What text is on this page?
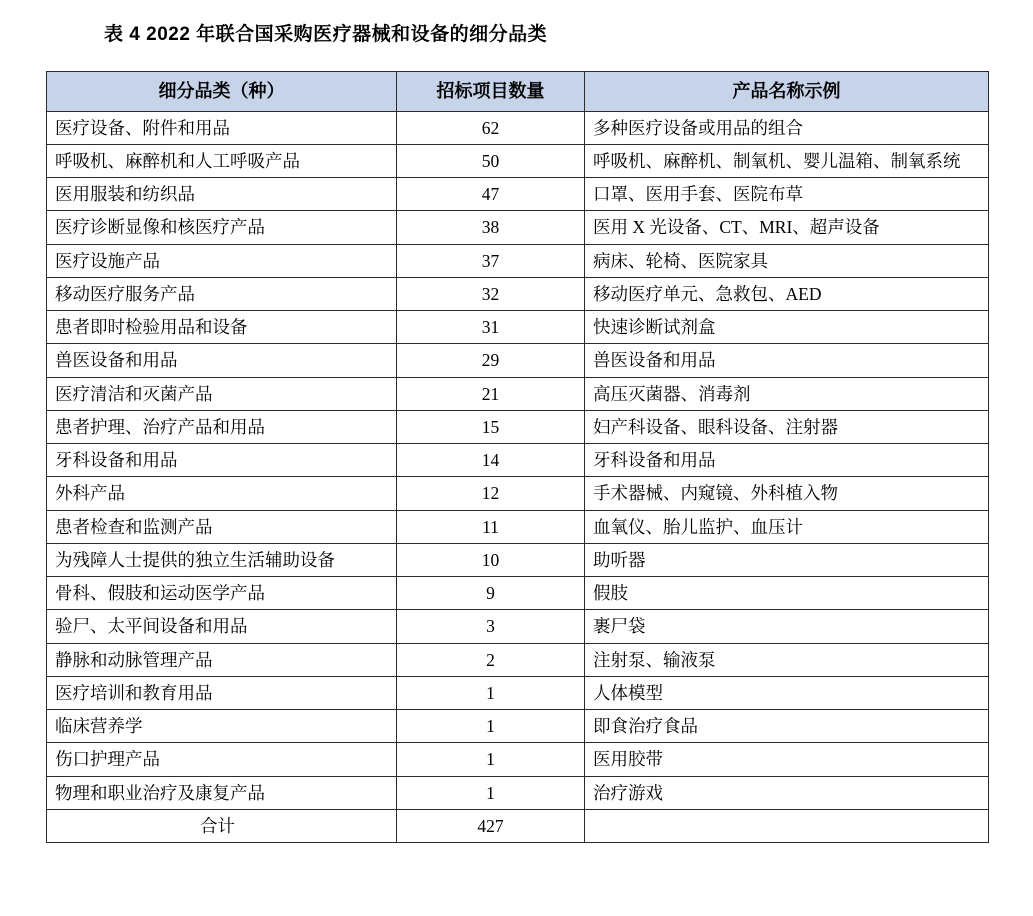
表 4 2022 年联合国采购医疗器械和设备的细分品类
细分品类（种）	招标项目数量	产品名称示例
医疗设备、附件和用品	62	多种医疗设备或用品的组合
呼吸机、麻醉机和人工呼吸产品	50	呼吸机、麻醉机、制氧机、婴儿温箱、制氧系统
医用服装和纺织品	47	口罩、医用手套、医院布草
医疗诊断显像和核医疗产品	38	医用 X 光设备、CT、MRI、超声设备
医疗设施产品	37	病床、轮椅、医院家具
移动医疗服务产品	32	移动医疗单元、急救包、AED
患者即时检验用品和设备	31	快速诊断试剂盒
兽医设备和用品	29	兽医设备和用品
医疗清洁和灭菌产品	21	高压灭菌器、消毒剂
患者护理、治疗产品和用品	15	妇产科设备、眼科设备、注射器
牙科设备和用品	14	牙科设备和用品
外科产品	12	手术器械、内窥镜、外科植入物
患者检查和监测产品	11	血氧仪、胎儿监护、血压计
为残障人士提供的独立生活辅助设备	10	助听器
骨科、假肢和运动医学产品	9	假肢
验尸、太平间设备和用品	3	裹尸袋
静脉和动脉管理产品	2	注射泵、输液泵
医疗培训和教育用品	1	人体模型
临床营养学	1	即食治疗食品
伤口护理产品	1	医用胶带
物理和职业治疗及康复产品	1	治疗游戏
合计	427	
